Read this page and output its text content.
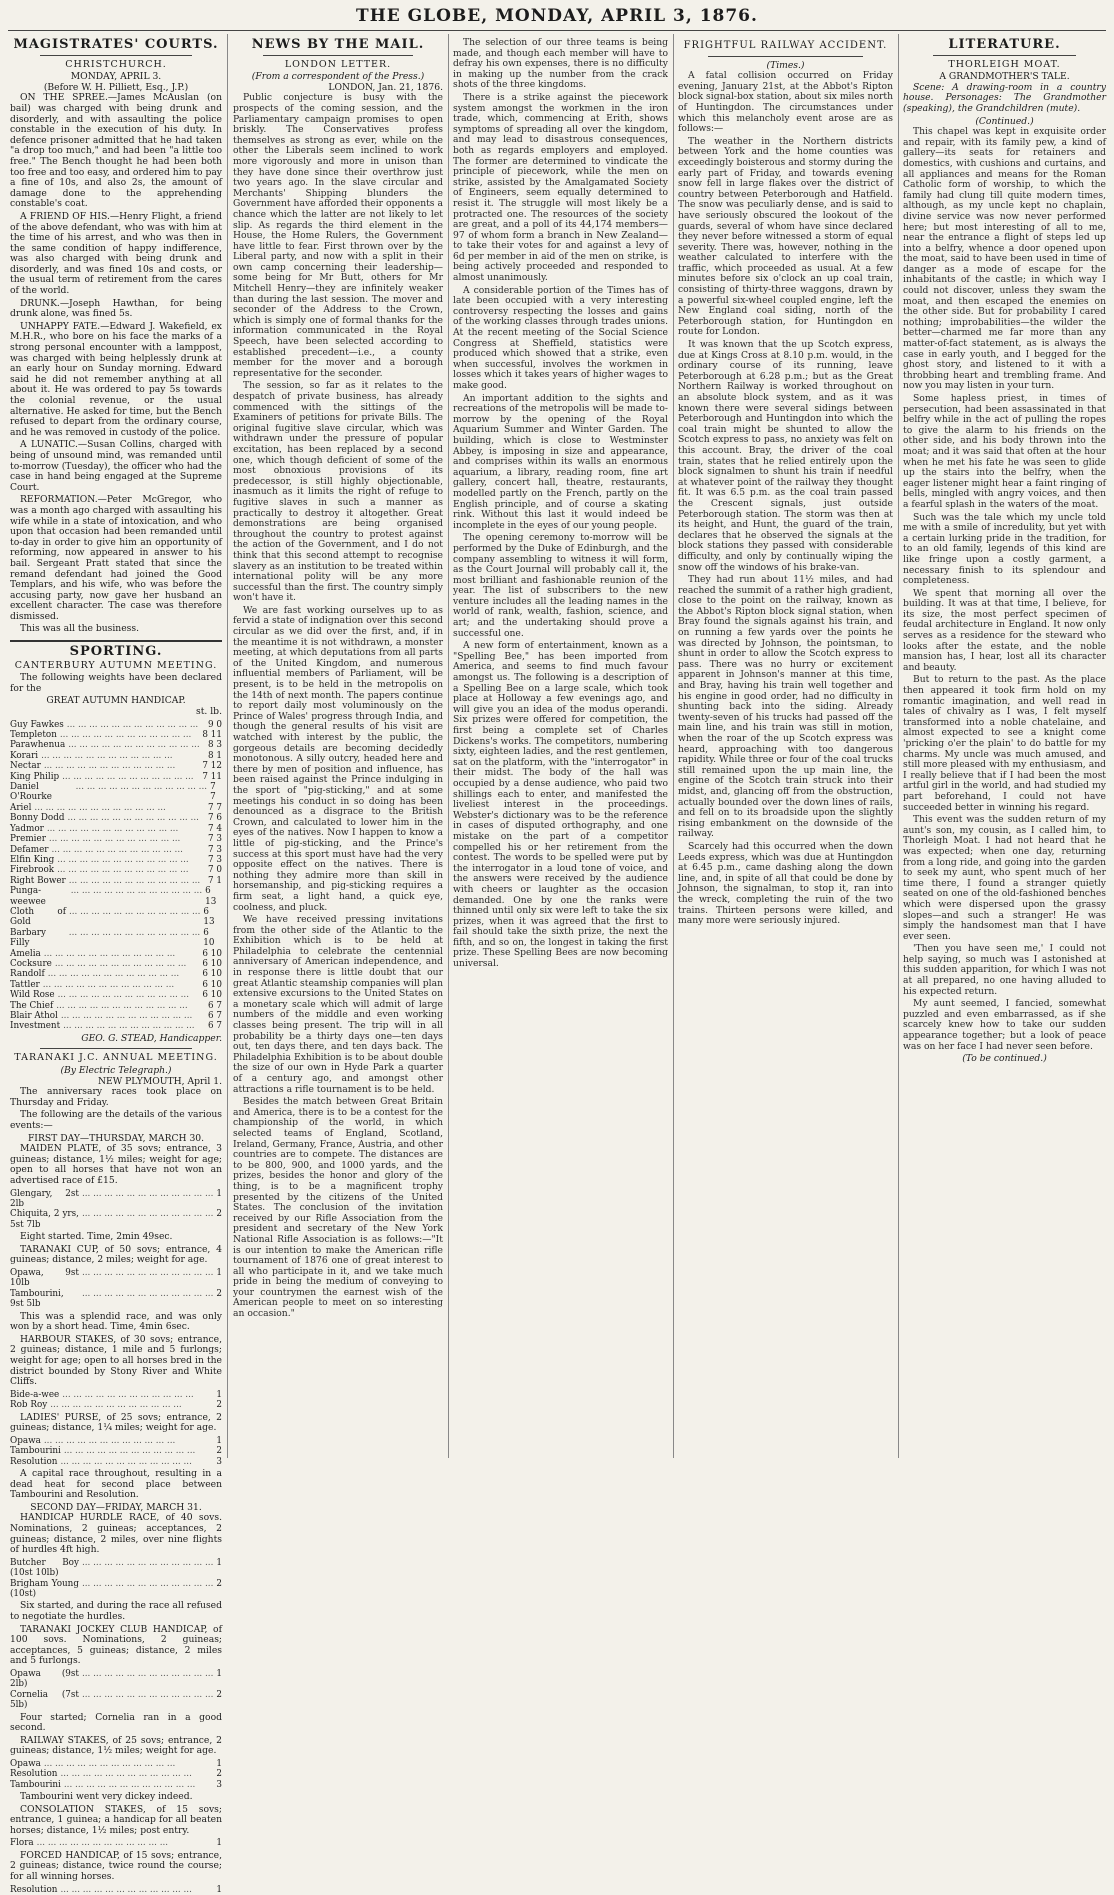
THE GLOBE, MONDAY, APRIL 3, 1876.
MAGISTRATES' COURTS.
CHRISTCHURCH.
MONDAY, APRIL 3.
(Before W. H. Pilliett, Esq., J.P.)

ON THE SPREE.—James McAuslan (on bail) was charged with being drunk and disorderly, and with assaulting the police constable in the execution of his duty. In defence prisoner admitted that he had taken "a drop too much," and had been "a little too free." The Bench thought he had been both too free and too easy, and ordered him to pay a fine of 10s, and also 2s, the amount of damage done to the apprehending constable's coat.

A FRIEND OF HIS.—Henry Flight, a friend of the above defendant, who was with him at the time of his arrest, and who was then in the same condition of happy indifference, was also charged with being drunk and disorderly, and was fined 10s and costs, or the usual term of retirement from the cares of the world.

DRUNK.—Joseph Hawthan, for being drunk alone, was fined 5s.

UNHAPPY FATE.—Edward J. Wakefield, ex M.H.R., who bore on his face the marks of a strong personal encounter with a lamppost, was charged with being helplessly drunk at an early hour on Sunday morning. Edward said he did not remember anything at all about it. He was ordered to pay 5s towards the colonial revenue, or the usual alternative. He asked for time, but the Bench refused to depart from the ordinary course, and he was removed in custody of the police.

A LUNATIC.—Susan Collins, charged with being of unsound mind, was remanded until to-morrow (Tuesday), the officer who had the case in hand being engaged at the Supreme Court.

REFORMATION.—Peter McGregor, who was a month ago charged with assaulting his wife while in a state of intoxication, and who upon that occasion had been remanded until to-day in order to give him an opportunity of reforming, now appeared in answer to his bail. Sergeant Pratt stated that since the remand defendant had joined the Good Templars, and his wife, who was before the accusing party, now gave her husband an excellent character. The case was therefore dismissed.

This was all the business.

SPORTING.
CANTERBURY AUTUMN MEETING.

The following weights have been declared for the

GREAT AUTUMN HANDICAP.
st. lb.
Guy Fawkes ... ... ... ... ... ... ... ... ... ... ... ...	9 0
Templeton ... ... ... ... ... ... ... ... ... ... ... ...	8 11
Parawhenua ... ... ... ... ... ... ... ... ... ... ... ... 8 3
Korari ... ... ... ... ... ... ... ... ... ... ... ...	8 1
Nectar ... ... ... ... ... ... ... ... ... ... ... ...	7 12
King Philip ... ... ... ... ... ... ... ... ... ... ... ...	7 11
Daniel O'Rourke
... ... ... ... ... ... ... ... ... ... ... ... 7 7
Ariel ... ... ... ... ... ... ... ... ... ... ... ...	7 7
Bonny Dodd ... ... ... ... ... ... ... ... ... ... ... ...	7 6
Yadmor ... ... ... ... ... ... ... ... ... ... ... ...	7 4
Premier ... ... ... ... ... ... ... ... ... ... ... ...	7 3
Defamer ... ... ... ... ... ... ... ... ... ... ... ...	7 3
Elfin King ... ... ... ... ... ... ... ... ... ... ... ...	7 3
Firebrook ... ... ... ... ... ... ... ... ... ... ... ...	7 0
Right Bower ... ... ... ... ... ... ... ... ... ... ... ... 7 1
Punga-weewee
... ... ... ... ... ... ... ... ... ... ... ... 6 13
Cloth of Gold
... ... ... ... ... ... ... ... ... ... ... ... 6 13
Barbary Filly
... ... ... ... ... ... ... ... ... ... ... ... 6 10
Amelia ... ... ... ... ... ... ... ... ... ... ... ...	6 10
Cocksure ... ... ... ... ... ... ... ... ... ... ... ...	6 10
Randolf ... ... ... ... ... ... ... ... ... ... ... ...	6 10
Tattler ... ... ... ... ... ... ... ... ... ... ... ...	6 10
Wild Rose ... ... ... ... ... ... ... ... ... ... ... ...	6 10
The Chief ... ... ... ... ... ... ... ... ... ... ... ...	6 7
Blair Athol ... ... ... ... ... ... ... ... ... ... ... ...	6 7
Investment ... ... ... ... ... ... ... ... ... ... ... ...	6 7
GEO. G. STEAD, Handicapper.
TARANAKI J.C. ANNUAL MEETING.
(By Electric Telegraph.)
NEW PLYMOUTH, April 1.

The anniversary races took place on Thursday and Friday.

The following are the details of the various events:—

FIRST DAY—THURSDAY, MARCH 30.

MAIDEN PLATE, of 35 sovs; entrance, 3 guineas; distance, 1½ miles; weight for age; open to all horses that have not won an advertised race of £15.

Glengary, 2st 2lb
... ... ... ... ... ... ... ... ... ... ... ... 1
Chiquita, 2 yrs, 5st 7lb
... ... ... ... ... ... ... ... ... ... ... ... 2

Eight started. Time, 2min 49sec.

TARANAKI CUP, of 50 sovs; entrance, 4 guineas; distance, 2 miles; weight for age.

Opawa, 9st 10lb
... ... ... ... ... ... ... ... ... ... ... ... 1
Tambourini, 9st 5lb
... ... ... ... ... ... ... ... ... ... ... ... 2

This was a splendid race, and was only won by a short head. Time, 4min 6sec.

HARBOUR STAKES, of 30 sovs; entrance, 2 guineas; distance, 1 mile and 5 furlongs; weight for age; open to all horses bred in the district bounded by Stony River and White Cliffs.

Bide-a-wee ... ... ... ... ... ... ... ... ... ... ... ...	1
Rob Roy ... ... ... ... ... ... ... ... ... ... ... ...	2

LADIES' PURSE, of 25 sovs; entrance, 2 guineas; distance, 1¼ miles; weight for age.

Opawa ... ... ... ... ... ... ... ... ... ... ... ...	1
Tambourini ... ... ... ... ... ... ... ... ... ... ... ...	2
Resolution ... ... ... ... ... ... ... ... ... ... ... ...	3

A capital race throughout, resulting in a dead heat for second place between Tambourini and Resolution.

SECOND DAY—FRIDAY, MARCH 31.

HANDICAP HURDLE RACE, of 40 sovs. Nominations, 2 guineas; acceptances, 2 guineas; distance, 2 miles, over nine flights of hurdles 4ft high.

Butcher Boy (10st 10lb)
... ... ... ... ... ... ... ... ... ... ... ... 1
Brigham Young (10st)
... ... ... ... ... ... ... ... ... ... ... ... 2

Six started, and during the race all refused to negotiate the hurdles.

TARANAKI JOCKEY CLUB HANDICAP, of 100 sovs. Nominations, 2 guineas; acceptances, 5 guineas; distance, 2 miles and 5 furlongs.

Opawa (9st 2lb)
... ... ... ... ... ... ... ... ... ... ... ... 1
Cornelia (7st 5lb)
... ... ... ... ... ... ... ... ... ... ... ... 2

Four started; Cornelia ran in a good second.

RAILWAY STAKES, of 25 sovs; entrance, 2 guineas; distance, 1½ miles; weight for age.

Opawa ... ... ... ... ... ... ... ... ... ... ... ...	1
Resolution ... ... ... ... ... ... ... ... ... ... ... ...	2
Tambourini ... ... ... ... ... ... ... ... ... ... ... ...	3

Tambourini went very dickey indeed.

CONSOLATION STAKES, of 15 sovs; entrance, 1 guinea; a handicap for all beaten horses; distance, 1½ miles; post entry.

Flora ... ... ... ... ... ... ... ... ... ... ... ...	1

FORCED HANDICAP, of 15 sovs; entrance, 2 guineas; distance, twice round the course; for all winning horses.

Resolution ... ... ... ... ... ... ... ... ... ... ... ...	1
NEWS BY THE MAIL.
LONDON LETTER.
(From a correspondent of the Press.)
LONDON, Jan. 21, 1876.

Public conjecture is busy with the prospects of the coming session, and the Parliamentary campaign promises to open briskly. The Conservatives profess themselves as strong as ever, while on the other the Liberals seem inclined to work more vigorously and more in unison than they have done since their overthrow just two years ago. In the slave circular and Merchants' Shipping blunders the Government have afforded their opponents a chance which the latter are not likely to let slip. As regards the third element in the House, the Home Rulers, the Government have little to fear. First thrown over by the Liberal party, and now with a split in their own camp concerning their leadership—some being for Mr Butt, others for Mr Mitchell Henry—they are infinitely weaker than during the last session. The mover and seconder of the Address to the Crown, which is simply one of formal thanks for the information communicated in the Royal Speech, have been selected according to established precedent—i.e., a county member for the mover and a borough representative for the seconder.

The session, so far as it relates to the despatch of private business, has already commenced with the sittings of the Examiners of petitions for private Bills. The original fugitive slave circular, which was withdrawn under the pressure of popular excitation, has been replaced by a second one, which though deficient of some of the most obnoxious provisions of its predecessor, is still highly objectionable, inasmuch as it limits the right of refuge to fugitive slaves in such a manner as practically to destroy it altogether. Great demonstrations are being organised throughout the country to protest against the action of the Government, and I do not think that this second attempt to recognise slavery as an institution to be treated within international polity will be any more successful than the first. The country simply won't have it.

We are fast working ourselves up to as fervid a state of indignation over this second circular as we did over the first, and, if in the meantime it is not withdrawn, a monster meeting, at which deputations from all parts of the United Kingdom, and numerous influential members of Parliament, will be present, is to be held in the metropolis on the 14th of next month. The papers continue to report daily most voluminously on the Prince of Wales' progress through India, and though the general results of his visit are watched with interest by the public, the gorgeous details are becoming decidedly monotonous. A silly outcry, headed here and there by men of position and influence, has been raised against the Prince indulging in the sport of "pig-sticking," and at some meetings his conduct in so doing has been denounced as a disgrace to the British Crown, and calculated to lower him in the eyes of the natives. Now I happen to know a little of pig-sticking, and the Prince's success at this sport must have had the very opposite effect on the natives. There is nothing they admire more than skill in horsemanship, and pig-sticking requires a firm seat, a light hand, a quick eye, coolness, and pluck.

We have received pressing invitations from the other side of the Atlantic to the Exhibition which is to be held at Philadelphia to celebrate the centennial anniversary of American independence, and in response there is little doubt that our great Atlantic steamship companies will plan extensive excursions to the United States on a monetary scale which will admit of large numbers of the middle and even working classes being present. The trip will in all probability be a thirty days one—ten days out, ten days there, and ten days back. The Philadelphia Exhibition is to be about double the size of our own in Hyde Park a quarter of a century ago, and amongst other attractions a rifle tournament is to be held.

Besides the match between Great Britain and America, there is to be a contest for the championship of the world, in which selected teams of England, Scotland, Ireland, Germany, France, Austria, and other countries are to compete. The distances are to be 800, 900, and 1000 yards, and the prizes, besides the honor and glory of the thing, is to be a magnificent trophy presented by the citizens of the United States. The conclusion of the invitation received by our Rifle Association from the president and secretary of the New York National Rifle Association is as follows:—"It is our intention to make the American rifle tournament of 1876 one of great interest to all who participate in it, and we take much pride in being the medium of conveying to your countrymen the earnest wish of the American people to meet on so interesting an occasion."

The selection of our three teams is being made, and though each member will have to defray his own expenses, there is no difficulty in making up the number from the crack shots of the three kingdoms.

There is a strike against the piecework system amongst the workmen in the iron trade, which, commencing at Erith, shows symptoms of spreading all over the kingdom, and may lead to disastrous consequences, both as regards employers and employed. The former are determined to vindicate the principle of piecework, while the men on strike, assisted by the Amalgamated Society of Engineers, seem equally determined to resist it. The struggle will most likely be a protracted one. The resources of the society are great, and a poll of its 44,174 members—97 of whom form a branch in New Zealand—to take their votes for and against a levy of 6d per member in aid of the men on strike, is being actively proceeded and responded to almost unanimously.

A considerable portion of the Times has of late been occupied with a very interesting controversy respecting the losses and gains of the working classes through trades unions. At the recent meeting of the Social Science Congress at Sheffield, statistics were produced which showed that a strike, even when successful, involves the workmen in losses which it takes years of higher wages to make good.

An important addition to the sights and recreations of the metropolis will be made to-morrow by the opening of the Royal Aquarium Summer and Winter Garden. The building, which is close to Westminster Abbey, is imposing in size and appearance, and comprises within its walls an enormous aquarium, a library, reading room, fine art gallery, concert hall, theatre, restaurants, modelled partly on the French, partly on the English principle, and of course a skating rink. Without this last it would indeed be incomplete in the eyes of our young people.

The opening ceremony to-morrow will be performed by the Duke of Edinburgh, and the company assembling to witness it will form, as the Court Journal will probably call it, the most brilliant and fashionable reunion of the year. The list of subscribers to the new venture includes all the leading names in the world of rank, wealth, fashion, science, and art; and the undertaking should prove a successful one.

A new form of entertainment, known as a "Spelling Bee," has been imported from America, and seems to find much favour amongst us. The following is a description of a Spelling Bee on a large scale, which took place at Holloway a few evenings ago, and will give you an idea of the modus operandi. Six prizes were offered for competition, the first being a complete set of Charles Dickens's works. The competitors, numbering sixty, eighteen ladies, and the rest gentlemen, sat on the platform, with the "interrogator" in their midst. The body of the hall was occupied by a dense audience, who paid two shillings each to enter, and manifested the liveliest interest in the proceedings. Webster's dictionary was to be the reference in cases of disputed orthography, and one mistake on the part of a competitor compelled his or her retirement from the contest. The words to be spelled were put by the interrogator in a loud tone of voice, and the answers were received by the audience with cheers or laughter as the occasion demanded. One by one the ranks were thinned until only six were left to take the six prizes, when it was agreed that the first to fail should take the sixth prize, the next the fifth, and so on, the longest in taking the first prize. These Spelling Bees are now becoming universal.

FRIGHTFUL RAILWAY ACCIDENT.
(Times.)

A fatal collision occurred on Friday evening, January 21st, at the Abbot's Ripton block signal-box station, about six miles north of Huntingdon. The circumstances under which this melancholy event arose are as follows:—

The weather in the Northern districts between York and the home counties was exceedingly boisterous and stormy during the early part of Friday, and towards evening snow fell in large flakes over the district of country between Peterborough and Hatfield. The snow was peculiarly dense, and is said to have seriously obscured the lookout of the guards, several of whom have since declared they never before witnessed a storm of equal severity. There was, however, nothing in the weather calculated to interfere with the traffic, which proceeded as usual. At a few minutes before six o'clock an up coal train, consisting of thirty-three waggons, drawn by a powerful six-wheel coupled engine, left the New England coal siding, north of the Peterborough station, for Huntingdon en route for London.

It was known that the up Scotch express, due at Kings Cross at 8.10 p.m. would, in the ordinary course of its running, leave Peterborough at 6.28 p.m.; but as the Great Northern Railway is worked throughout on an absolute block system, and as it was known there were several sidings between Peterborough and Huntingdon into which the coal train might be shunted to allow the Scotch express to pass, no anxiety was felt on this account. Bray, the driver of the coal train, states that he relied entirely upon the block signalmen to shunt his train if needful at whatever point of the railway they thought fit. It was 6.5 p.m. as the coal train passed the Crescent signals, just outside Peterborough station. The storm was then at its height, and Hunt, the guard of the train, declares that he observed the signals at the block stations they passed with considerable difficulty, and only by continually wiping the snow off the windows of his brake-van.

They had run about 11½ miles, and had reached the summit of a rather high gradient, close to the point on the railway, known as the Abbot's Ripton block signal station, when Bray found the signals against his train, and on running a few yards over the points he was directed by Johnson, the pointsman, to shunt in order to allow the Scotch express to pass. There was no hurry or excitement apparent in Johnson's manner at this time, and Bray, having his train well together and his engine in good order, had no difficulty in shunting back into the siding. Already twenty-seven of his trucks had passed off the main line, and his train was still in motion, when the roar of the up Scotch express was heard, approaching with too dangerous rapidity. While three or four of the coal trucks still remained upon the up main line, the engine of the Scotch train struck into their midst, and, glancing off from the obstruction, actually bounded over the down lines of rails, and fell on to its broadside upon the slightly rising embankment on the downside of the railway.

Scarcely had this occurred when the down Leeds express, which was due at Huntingdon at 6.45 p.m., came dashing along the down line, and, in spite of all that could be done by Johnson, the signalman, to stop it, ran into the wreck, completing the ruin of the two trains. Thirteen persons were killed, and many more were seriously injured.

LITERATURE.
THORLEIGH MOAT.
A GRANDMOTHER'S TALE.

Scene: A drawing-room in a country house. Personages: The Grandmother (speaking), the Grandchildren (mute).

(Continued.)

This chapel was kept in exquisite order and repair, with its family pew, a kind of gallery—its seats for retainers and domestics, with cushions and curtains, and all appliances and means for the Roman Catholic form of worship, to which the family had clung till quite modern times, although, as my uncle kept no chaplain, divine service was now never performed here; but most interesting of all to me, near the entrance a flight of steps led up into a belfry, whence a door opened upon the moat, said to have been used in time of danger as a mode of escape for the inhabitants of the castle; in which way I could not discover, unless they swam the moat, and then escaped the enemies on the other side. But for probability I cared nothing; improbabilities—the wilder the better—charmed me far more than any matter-of-fact statement, as is always the case in early youth, and I begged for the ghost story, and listened to it with a throbbing heart and trembling frame. And now you may listen in your turn.

Some hapless priest, in times of persecution, had been assassinated in that belfry while in the act of pulling the ropes to give the alarm to his friends on the other side, and his body thrown into the moat; and it was said that often at the hour when he met his fate he was seen to glide up the stairs into the belfry, when the eager listener might hear a faint ringing of bells, mingled with angry voices, and then a fearful splash in the waters of the moat.

Such was the tale which my uncle told me with a smile of incredulity, but yet with a certain lurking pride in the tradition, for to an old family, legends of this kind are like fringe upon a costly garment, a necessary finish to its splendour and completeness.

We spent that morning all over the building. It was at that time, I believe, for its size, the most perfect specimen of feudal architecture in England. It now only serves as a residence for the steward who looks after the estate, and the noble mansion has, I hear, lost all its character and beauty.

But to return to the past. As the place then appeared it took firm hold on my romantic imagination, and well read in tales of chivalry as I was, I felt myself transformed into a noble chatelaine, and almost expected to see a knight come 'pricking o'er the plain' to do battle for my charms. My uncle was much amused, and still more pleased with my enthusiasm, and I really believe that if I had been the most artful girl in the world, and had studied my part beforehand, I could not have succeeded better in winning his regard.

This event was the sudden return of my aunt's son, my cousin, as I called him, to Thorleigh Moat. I had not heard that he was expected; when one day, returning from a long ride, and going into the garden to seek my aunt, who spent much of her time there, I found a stranger quietly seated on one of the old-fashioned benches which were dispersed upon the grassy slopes—and such a stranger! He was simply the handsomest man that I have ever seen.

'Then you have seen me,' I could not help saying, so much was I astonished at this sudden apparition, for which I was not at all prepared, no one having alluded to his expected return.

My aunt seemed, I fancied, somewhat puzzled and even embarrassed, as if she scarcely knew how to take our sudden appearance together; but a look of peace was on her face I had never seen before.

(To be continued.)
